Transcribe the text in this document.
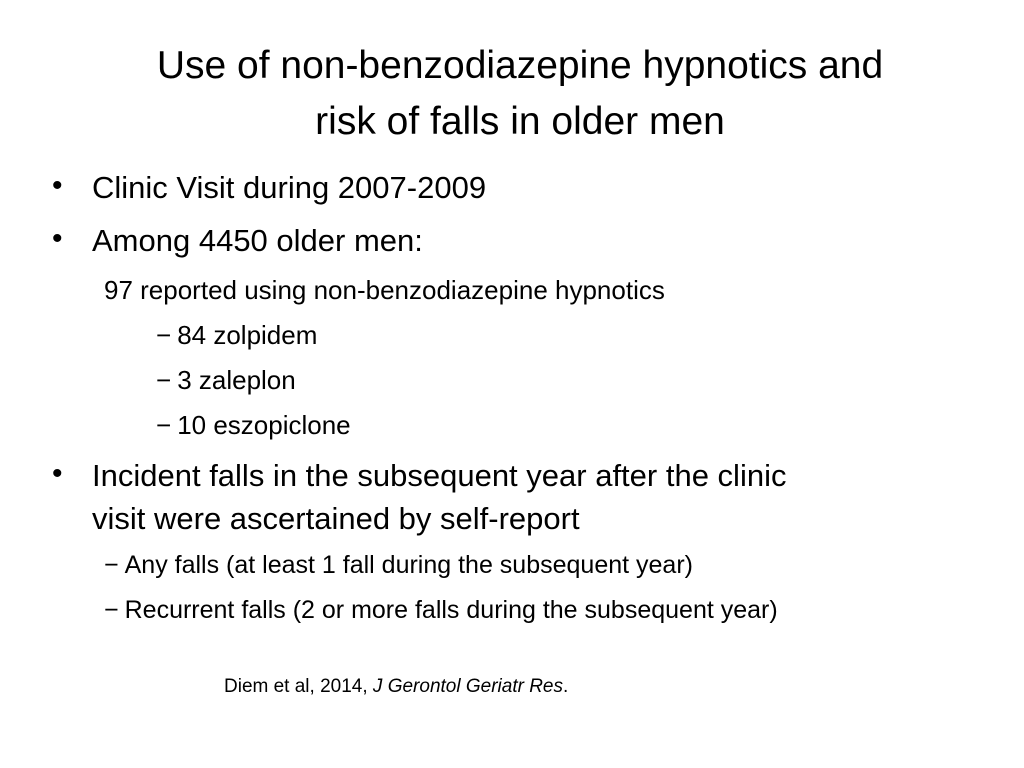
Use of non-benzodiazepine hypnotics and
risk of falls in older men
• Clinic Visit during 2007-2009
• Among 4450 older men:
97 reported using non-benzodiazepine hypnotics
− 84 zolpidem
− 3 zaleplon
− 10 eszopiclone
• Incident falls in the subsequent year after the clinic
visit were ascertained by self-report
− Any falls (at least 1 fall during the subsequent year)
− Recurrent falls (2 or more falls during the subsequent year)
Diem et al, 2014, J Gerontol Geriatr Res.
